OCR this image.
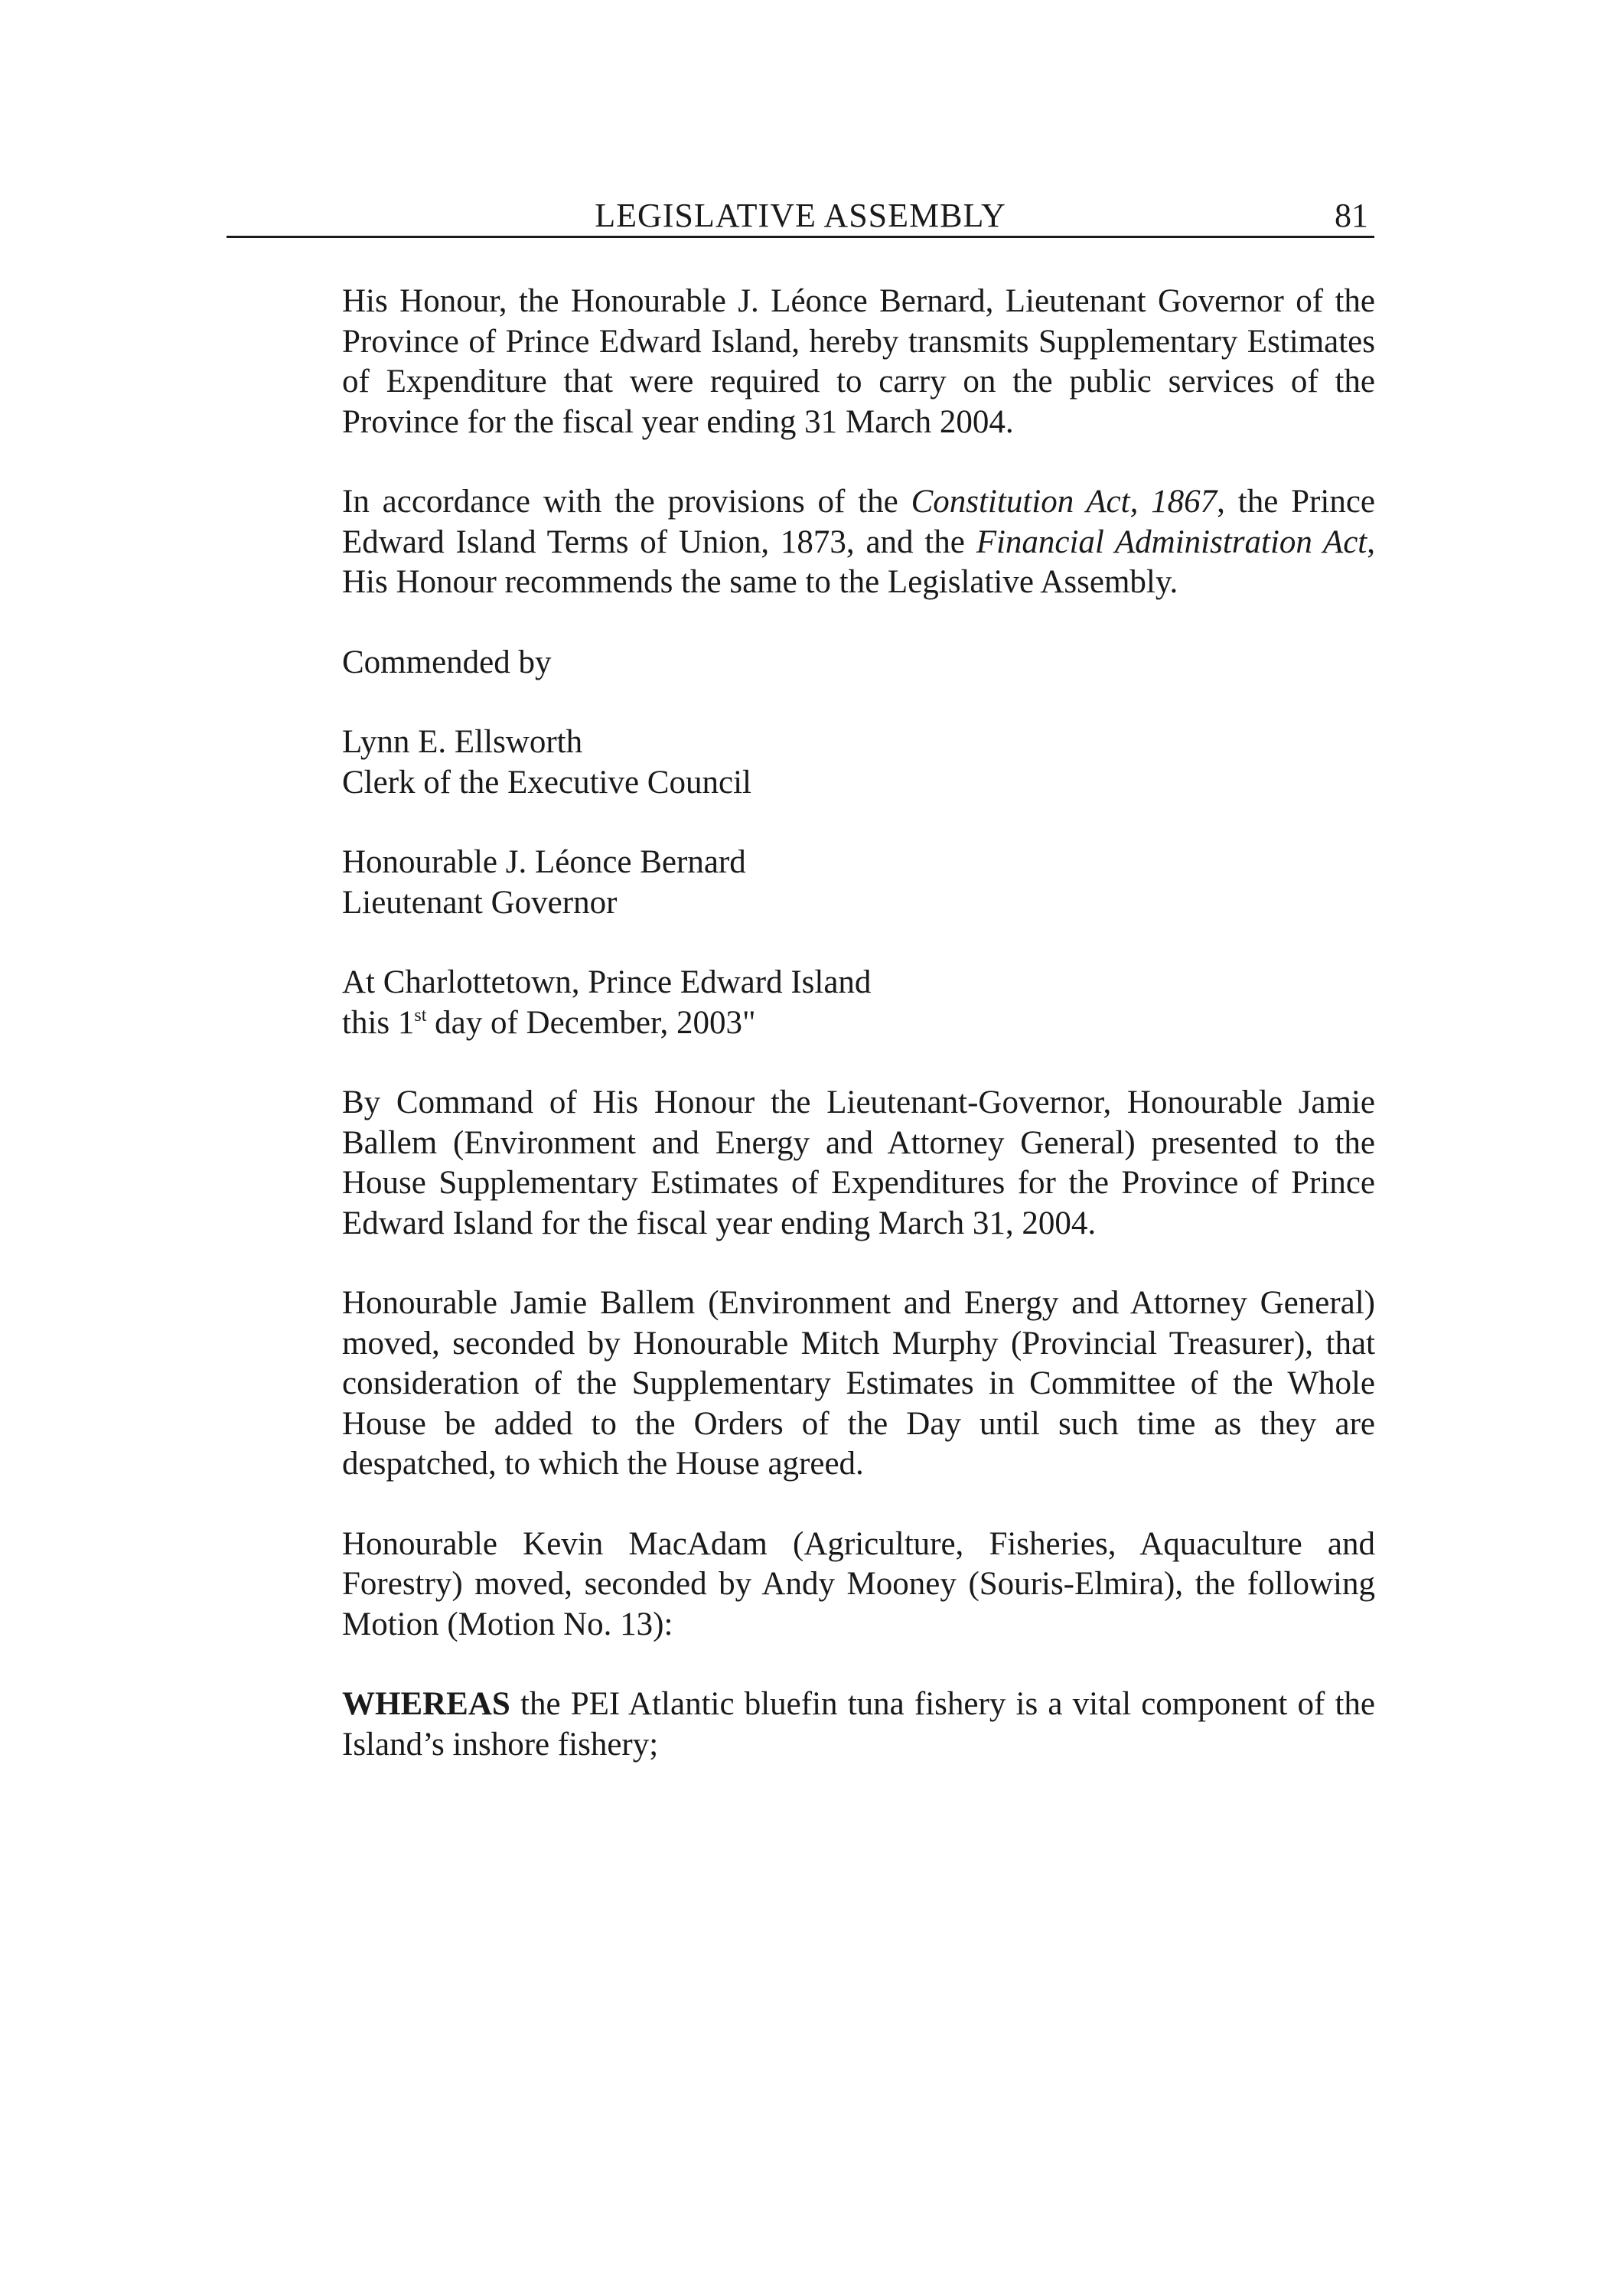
LEGISLATIVE ASSEMBLY	81

His Honour, the Honourable J. Léonce Bernard, Lieutenant Governor of the Province of Prince Edward Island, hereby transmits Supplementary Estimates of Expenditure that were required to carry on the public services of the Province for the fiscal year ending 31 March 2004.

In accordance with the provisions of the Constitution Act, 1867, the Prince Edward Island Terms of Union, 1873, and the Financial Administration Act, His Honour recommends the same to the Legislative Assembly.

Commended by
Lynn E. Ellsworth
Clerk of the Executive Council
Honourable J. Léonce Bernard
Lieutenant Governor
At Charlottetown, Prince Edward Island
this 1st day of December, 2003"

By Command of His Honour the Lieutenant-Governor, Honourable Jamie Ballem (Environment and Energy and Attorney General) presented to the House Supplementary Estimates of Expenditures for the Province of Prince Edward Island for the fiscal year ending March 31, 2004.

Honourable Jamie Ballem (Environment and Energy and Attorney General) moved, seconded by Honourable Mitch Murphy (Provincial Treasurer), that consideration of the Supplementary Estimates in Committee of the Whole House be added to the Orders of the Day until such time as they are despatched, to which the House agreed.

Honourable Kevin MacAdam (Agriculture, Fisheries, Aquaculture and Forestry) moved, seconded by Andy Mooney (Souris-Elmira), the following Motion (Motion No. 13):

WHEREAS the PEI Atlantic bluefin tuna fishery is a vital component of the Island’s inshore fishery;
